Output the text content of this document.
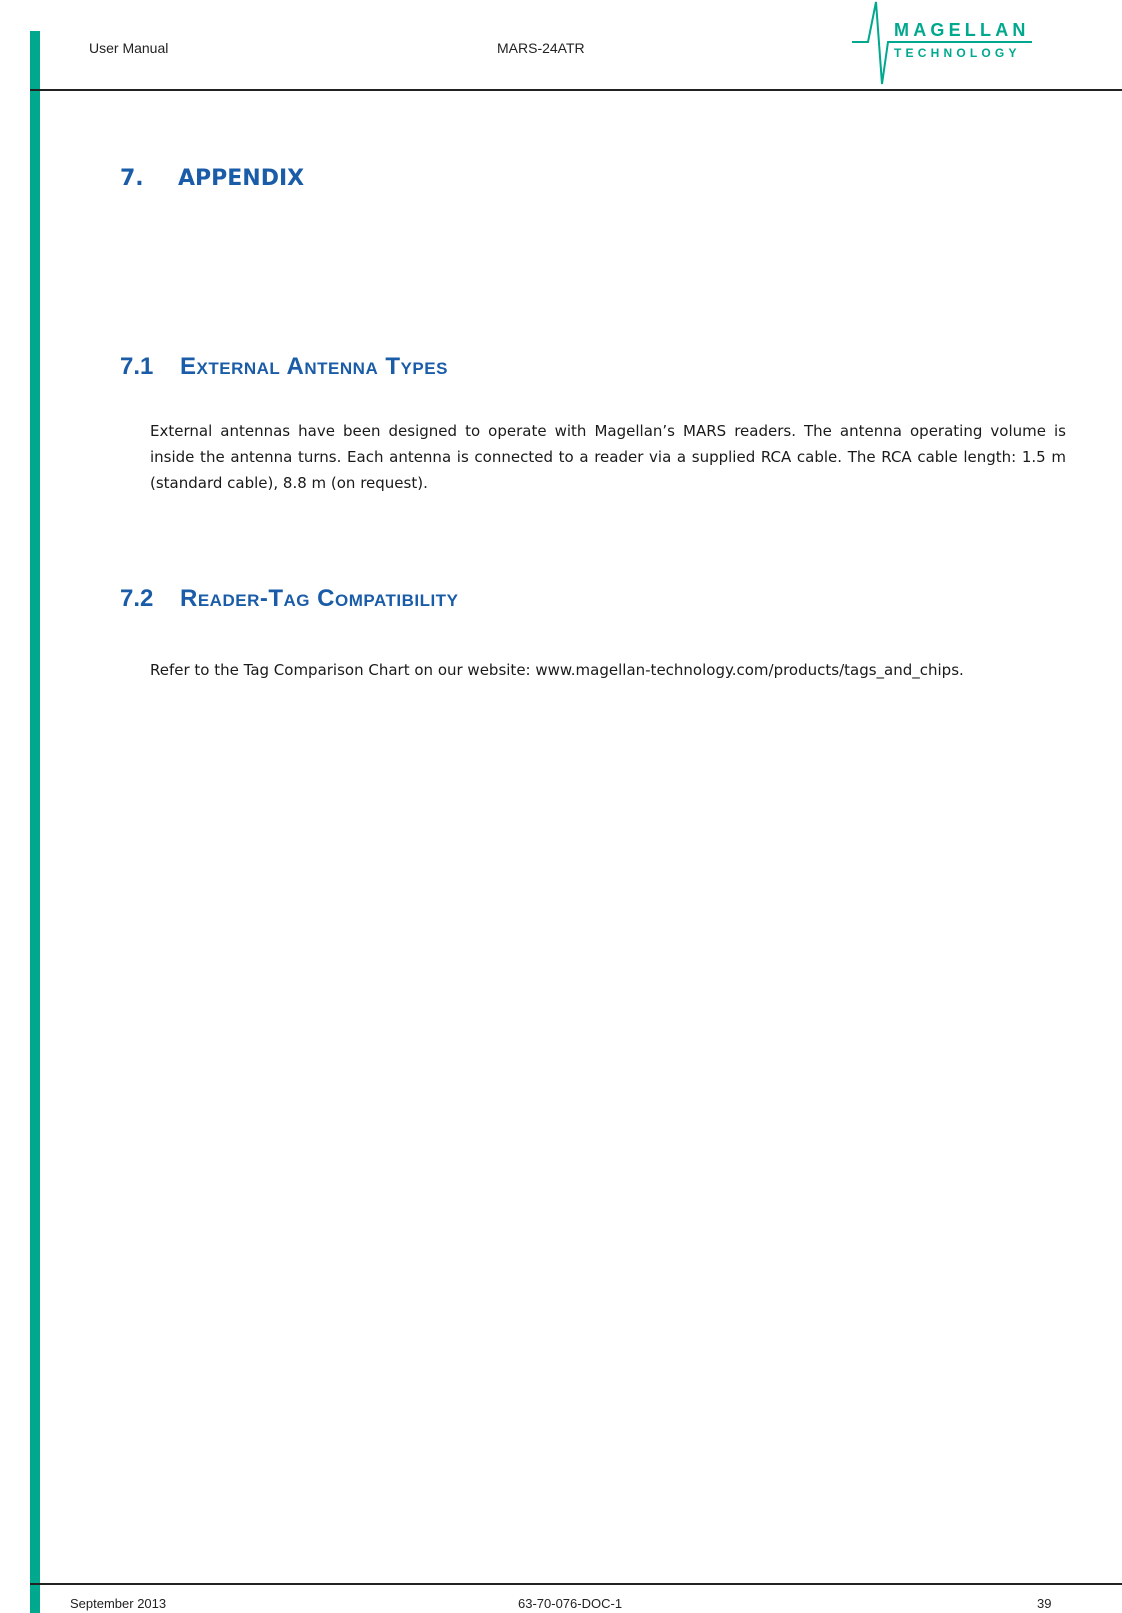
User Manual	MARS-24ATR
MAGELLAN
TECHNOLOGY
7. APPENDIX
7.1 External Antenna Types
External antennas have been designed to operate with Magellan’s MARS readers. The antenna operating volume is inside the antenna turns. Each antenna is connected to a reader via a supplied RCA cable. The RCA cable length: 1.5 m (standard cable), 8.8 m (on request).
7.2 Reader-Tag Compatibility
Refer to the Tag Comparison Chart on our website: www.magellan-technology.com/products/tags_and_chips.
September 2013	63-70-076-DOC-1	39
